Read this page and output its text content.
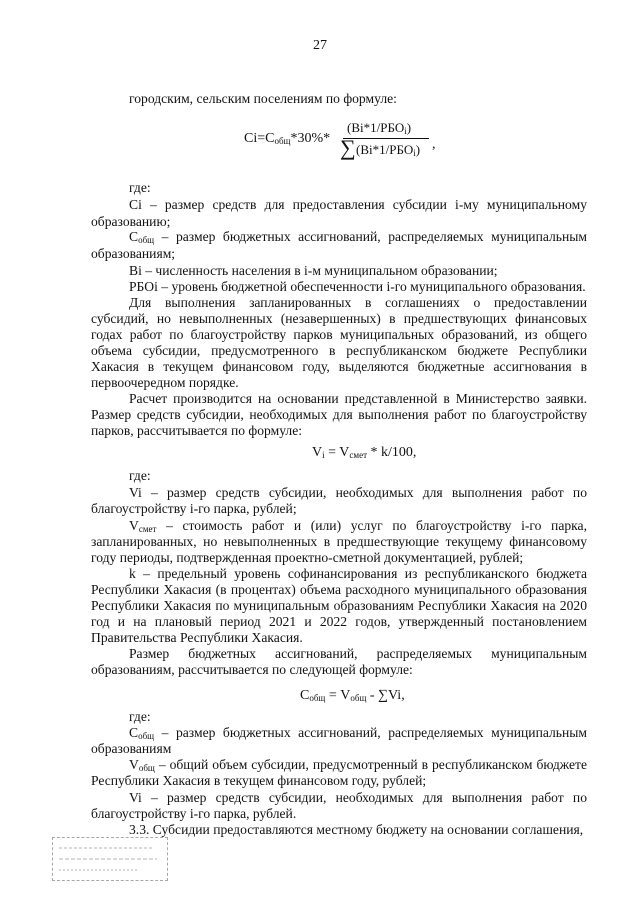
27
городским, сельским поселениям по формуле:
$Ci=C_{общ}*30\%*$
$(Bi*1/РБО_i)$
∑ $(Bi*1/РБО_i)$ ,
где:
Ci – размер средств для предоставления субсидии i-му муниципальному
образованию;
$C_{общ}$ – размер бюджетных ассигнований, распределяемых муниципальным
образованиям;
Bi – численность населения в i-м муниципальном образовании;
РБОi – уровень бюджетной обеспеченности i-го муниципального образования.
Для выполнения запланированных в соглашениях о предоставлении
субсидий, но невыполненных (незавершенных) в предшествующих финансовых
годах работ по благоустройству парков муниципальных образований, из общего
объема субсидии, предусмотренного в республиканском бюджете Республики
Хакасия в текущем финансовом году, выделяются бюджетные ассигнования в
первоочередном порядке.
Расчет производится на основании представленной в Министерство заявки.
Размер средств субсидии, необходимых для выполнения работ по благоустройству
парков, рассчитывается по формуле:
$V_i = V_{смет} * k/100$,
где:
Vi – размер средств субсидии, необходимых для выполнения работ по
благоустройству i-го парка, рублей;
$V_{смет}$ – стоимость работ и (или) услуг по благоустройству i-го парка,
запланированных, но невыполненных в предшествующие текущему финансовому
году периоды, подтвержденная проектно-сметной документацией, рублей;
k – предельный уровень софинансирования из республиканского бюджета
Республики Хакасия (в процентах) объема расходного муниципального образования
Республики Хакасия по муниципальным образованиям Республики Хакасия на 2020
год и на плановый период 2021 и 2022 годов, утвержденный постановлением
Правительства Республики Хакасия.
Размер бюджетных ассигнований, распределяемых муниципальным
образованиям, рассчитывается по следующей формуле:
$C_{общ} = V_{общ} - \sum Vi$,
где:
$C_{общ}$ – размер бюджетных ассигнований, распределяемых муниципальным
образованиям
$V_{общ}$ – общий объем субсидии, предусмотренный в республиканском бюджете
Республики Хакасия в текущем финансовом году, рублей;
Vi – размер средств субсидии, необходимых для выполнения работ по
благоустройству i-го парка, рублей.
3.3. Субсидии предоставляются местному бюджету на основании соглашения,
